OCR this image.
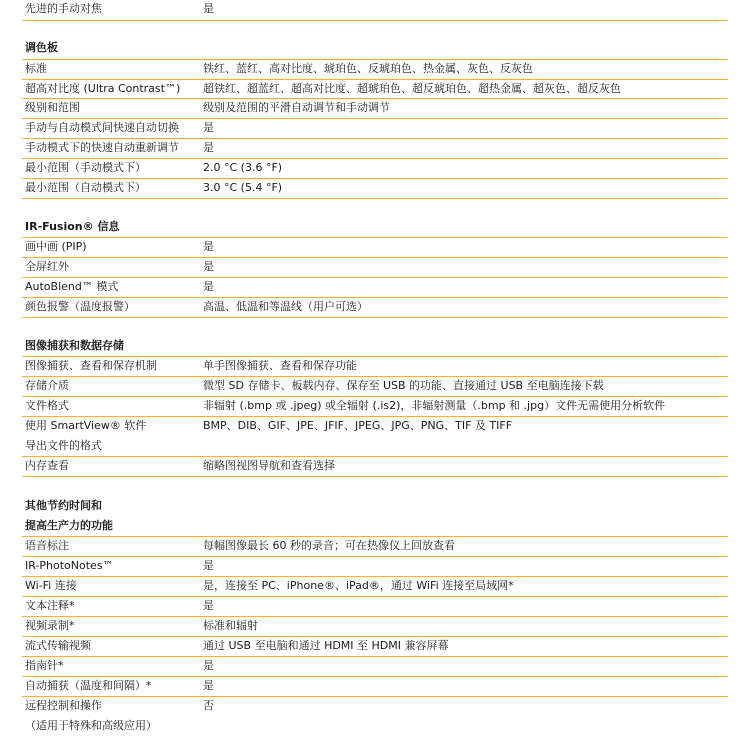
先进的手动对焦	是
调色板
标准	铁红、蓝红、高对比度、琥珀色、反琥珀色、热金属、灰色、反灰色
超高对比度 (Ultra Contrast™) 超铁红、超蓝红、超高对比度、超琥珀色、超反琥珀色、超热金属、超灰色、超反灰色
级别和范围	级别及范围的平滑自动调节和手动调节
手动与自动模式间快速自动切换 是
手动模式下的快速自动重新调节 是
最小范围（手动模式下）	2.0 °C (3.6 °F)
最小范围（自动模式下）	3.0 °C (5.4 °F)
IR-Fusion® 信息
画中画 (PIP)	是
全屏红外	是
AutoBlend™ 模式	是
颜色报警（温度报警）	高温、低温和等温线（用户可选）
图像捕获和数据存储
图像捕获、查看和保存机制	单手图像捕获、查看和保存功能
存储介质	微型 SD 存储卡、板载内存、保存至 USB 的功能、直接通过 USB 至电脑连接下载
文件格式	非辐射 (.bmp 或 .jpeg) 或全辐射 (.is2)，非辐射测量（.bmp 和 .jpg）文件无需使用分析软件
使用 SmartView® 软件	BMP、DIB、GIF、JPE、JFIF、JPEG、JPG、PNG、TIF 及 TIFF
导出文件的格式
内存查看	缩略图视图导航和查看选择
其他节约时间和
提高生产力的功能
语音标注	每幅图像最长 60 秒的录音；可在热像仪上回放查看
IR-PhotoNotes™	是
Wi-Fi 连接	是，连接至 PC、iPhone®、iPad®，通过 WiFi 连接至局域网*
文本注释*	是
视频录制*	标准和辐射
流式传输视频	通过 USB 至电脑和通过 HDMI 至 HDMI 兼容屏幕
指南针*	是
自动捕获（温度和间隔）*	是
远程控制和操作	否
（适用于特殊和高级应用）
